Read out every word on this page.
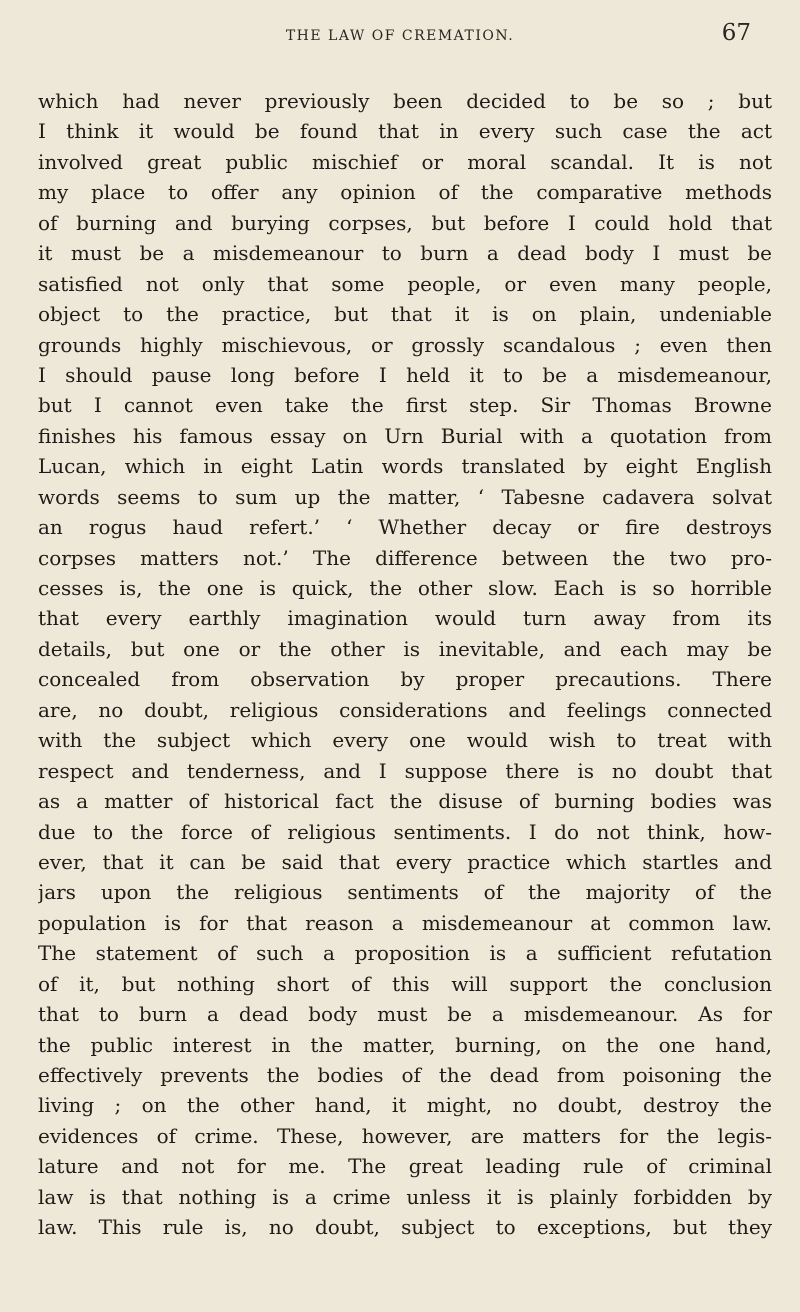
THE LAW OF CREMATION.	67
which had never previously been decided to be so ; but
I think it would be found that in every such case the act
involved great public mischief or moral scandal. It is not
my place to offer any opinion of the comparative methods
of burning and burying corpses, but before I could hold that
it must be a misdemeanour to burn a dead body I must be
satisfied not only that some people, or even many people,
object to the practice, but that it is on plain, undeniable
grounds highly mischievous, or grossly scandalous ; even then
I should pause long before I held it to be a misdemeanour,
but I cannot even take the first step. Sir Thomas Browne
finishes his famous essay on Urn Burial with a quotation from
Lucan, which in eight Latin words translated by eight English
words seems to sum up the matter, ‘ Tabesne cadavera solvat
an rogus haud refert.’ ‘ Whether decay or fire destroys
corpses matters not.’ The difference between the two pro-
cesses is, the one is quick, the other slow. Each is so horrible
that every earthly imagination would turn away from its
details, but one or the other is inevitable, and each may be
concealed from observation by proper precautions. There
are, no doubt, religious considerations and feelings connected
with the subject which every one would wish to treat with
respect and tenderness, and I suppose there is no doubt that
as a matter of historical fact the disuse of burning bodies was
due to the force of religious sentiments. I do not think, how-
ever, that it can be said that every practice which startles and
jars upon the religious sentiments of the majority of the
population is for that reason a misdemeanour at common law.
The statement of such a proposition is a sufficient refutation
of it, but nothing short of this will support the conclusion
that to burn a dead body must be a misdemeanour. As for
the public interest in the matter, burning, on the one hand,
effectively prevents the bodies of the dead from poisoning the
living ; on the other hand, it might, no doubt, destroy the
evidences of crime. These, however, are matters for the legis-
lature and not for me. The great leading rule of criminal
law is that nothing is a crime unless it is plainly forbidden by
law. This rule is, no doubt, subject to exceptions, but they
